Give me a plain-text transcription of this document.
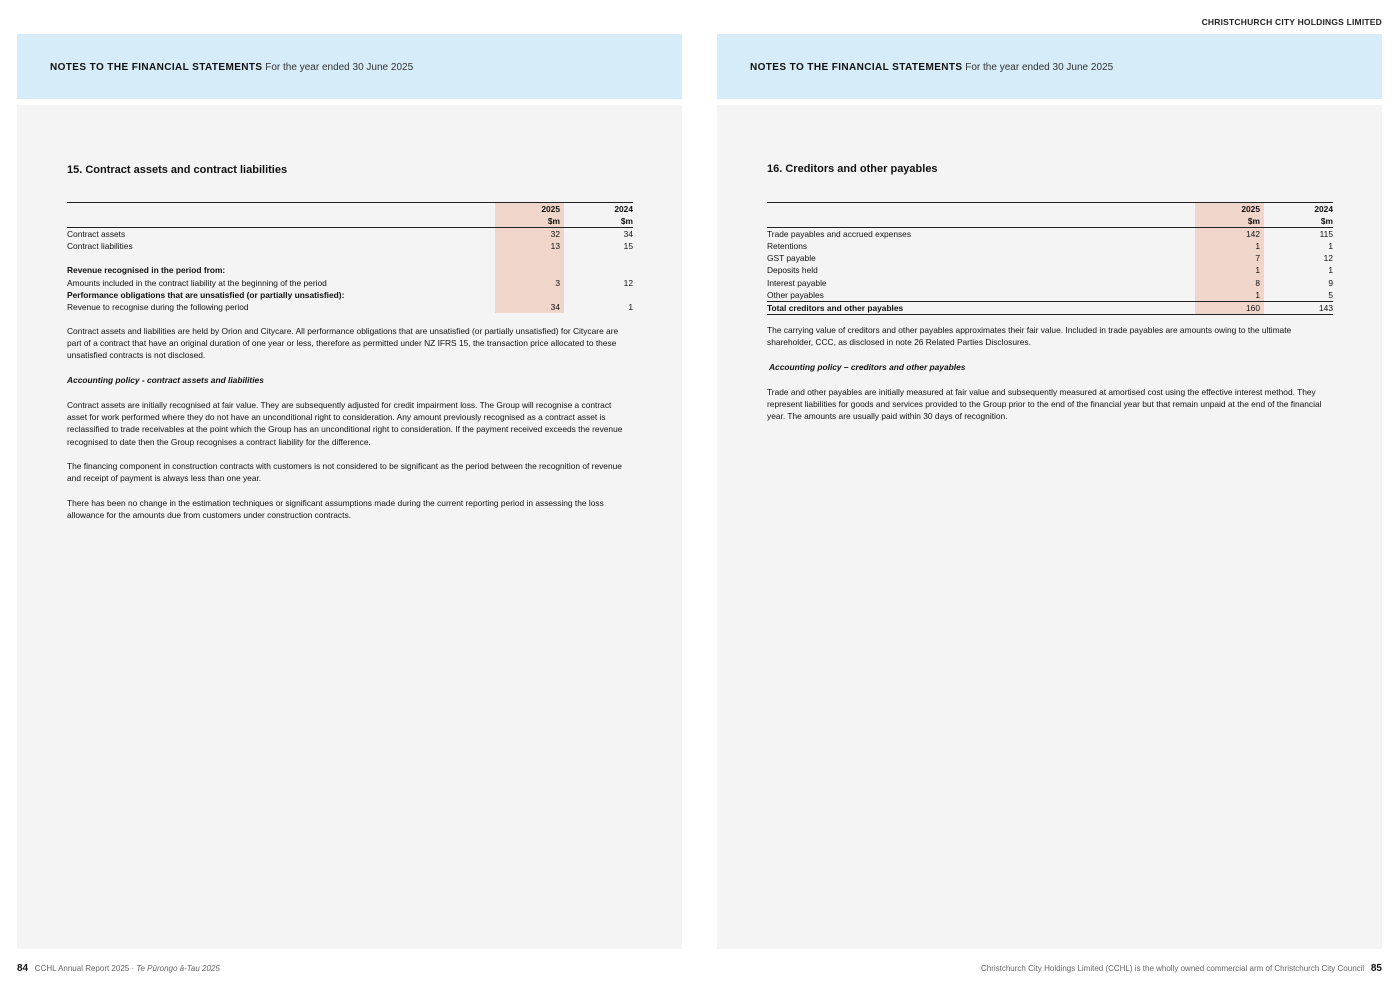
CHRISTCHURCH CITY HOLDINGS LIMITED
NOTES TO THE FINANCIAL STATEMENTS For the year ended 30 June 2025
15. Contract assets and contract liabilities
	2025	2024
	$m	$m
Contract assets	32	34
Contract liabilities	13	15

Revenue recognised in the period from:		
Amounts included in the contract liability at the beginning of the period	3	12
Performance obligations that are unsatisfied (or partially unsatisfied):		
Revenue to recognise during the following period	34	1

Contract assets and liabilities are held by Orion and Citycare. All performance obligations that are unsatisfied (or partially unsatisfied) for Citycare are part of a contract that have an original duration of one year or less, therefore as permitted under NZ IFRS 15, the transaction price allocated to these unsatisfied contracts is not disclosed.

Accounting policy - contract assets and liabilities

Contract assets are initially recognised at fair value. They are subsequently adjusted for credit impairment loss. The Group will recognise a contract asset for work performed where they do not have an unconditional right to consideration. Any amount previously recognised as a contract asset is reclassified to trade receivables at the point which the Group has an unconditional right to consideration. If the payment received exceeds the revenue recognised to date then the Group recognises a contract liability for the difference.

The financing component in construction contracts with customers is not considered to be significant as the period between the recognition of revenue and receipt of payment is always less than one year.

There has been no change in the estimation techniques or significant assumptions made during the current reporting period in assessing the loss allowance for the amounts due from customers under construction contracts.

NOTES TO THE FINANCIAL STATEMENTS For the year ended 30 June 2025
16. Creditors and other payables
	2025	2024
	$m	$m
Trade payables and accrued expenses	142	115
Retentions	1	1
GST payable	7	12
Deposits held	1	1
Interest payable	8	9
Other payables	1	5
Total creditors and other payables	160	143

The carrying value of creditors and other payables approximates their fair value. Included in trade payables are amounts owing to the ultimate shareholder, CCC, as disclosed in note 26 Related Parties Disclosures.

Accounting policy – creditors and other payables

Trade and other payables are initially measured at fair value and subsequently measured at amortised cost using the effective interest method. They represent liabilities for goods and services provided to the Group prior to the end of the financial year but that remain unpaid at the end of the financial year. The amounts are usually paid within 30 days of recognition.

84 CCHL Annual Report 2025 · Te Pūrongo ā-Tau 2025	Christchurch City Holdings Limited (CCHL) is the wholly owned commercial arm of Christchurch City Council 85
